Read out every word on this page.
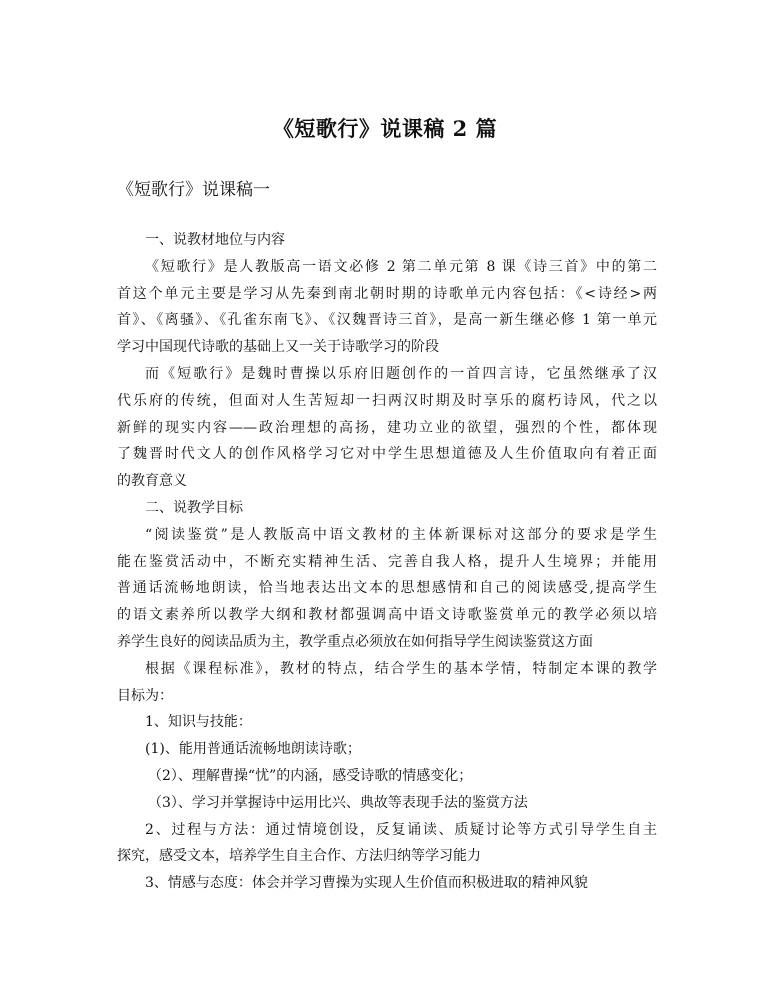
《短歌行》说课稿 2 篇
《短歌行》说课稿一
一、说教材地位与内容
《短歌行》是人教版高一语文必修 2 第二单元第 8 课《诗三首》中的第二
首这个单元主要是学习从先秦到南北朝时期的诗歌单元内容包括：《<诗经>两
首》、《离骚》、《孔雀东南飞》、《汉魏晋诗三首》，是高一新生继必修 1 第一单元
学习中国现代诗歌的基础上又一关于诗歌学习的阶段
而《短歌行》是魏时曹操以乐府旧题创作的一首四言诗，它虽然继承了汉
代乐府的传统，但面对人生苦短却一扫两汉时期及时享乐的腐朽诗风，代之以
新鲜的现实内容——政治理想的高扬，建功立业的欲望，强烈的个性，都体现
了魏晋时代文人的创作风格学习它对中学生思想道德及人生价值取向有着正面
的教育意义
二、说教学目标
“阅读鉴赏”是人教版高中语文教材的主体新课标对这部分的要求是学生
能在鉴赏活动中，不断充实精神生活、完善自我人格，提升人生境界；并能用
普通话流畅地朗读，恰当地表达出文本的思想感情和自己的阅读感受,提高学生
的语文素养所以教学大纲和教材都强调高中语文诗歌鉴赏单元的教学必须以培
养学生良好的阅读品质为主，教学重点必须放在如何指导学生阅读鉴赏这方面
根据《课程标准》，教材的特点，结合学生的基本学情，特制定本课的教学
目标为：
1、知识与技能：
(1)、能用普通话流畅地朗读诗歌；
（2）、理解曹操“忧”的内涵，感受诗歌的情感变化；
（3）、学习并掌握诗中运用比兴、典故等表现手法的鉴赏方法
2、过程与方法：通过情境创设，反复诵读、质疑讨论等方式引导学生自主
探究，感受文本，培养学生自主合作、方法归纳等学习能力
3、情感与态度：体会并学习曹操为实现人生价值而积极进取的精神风貌
